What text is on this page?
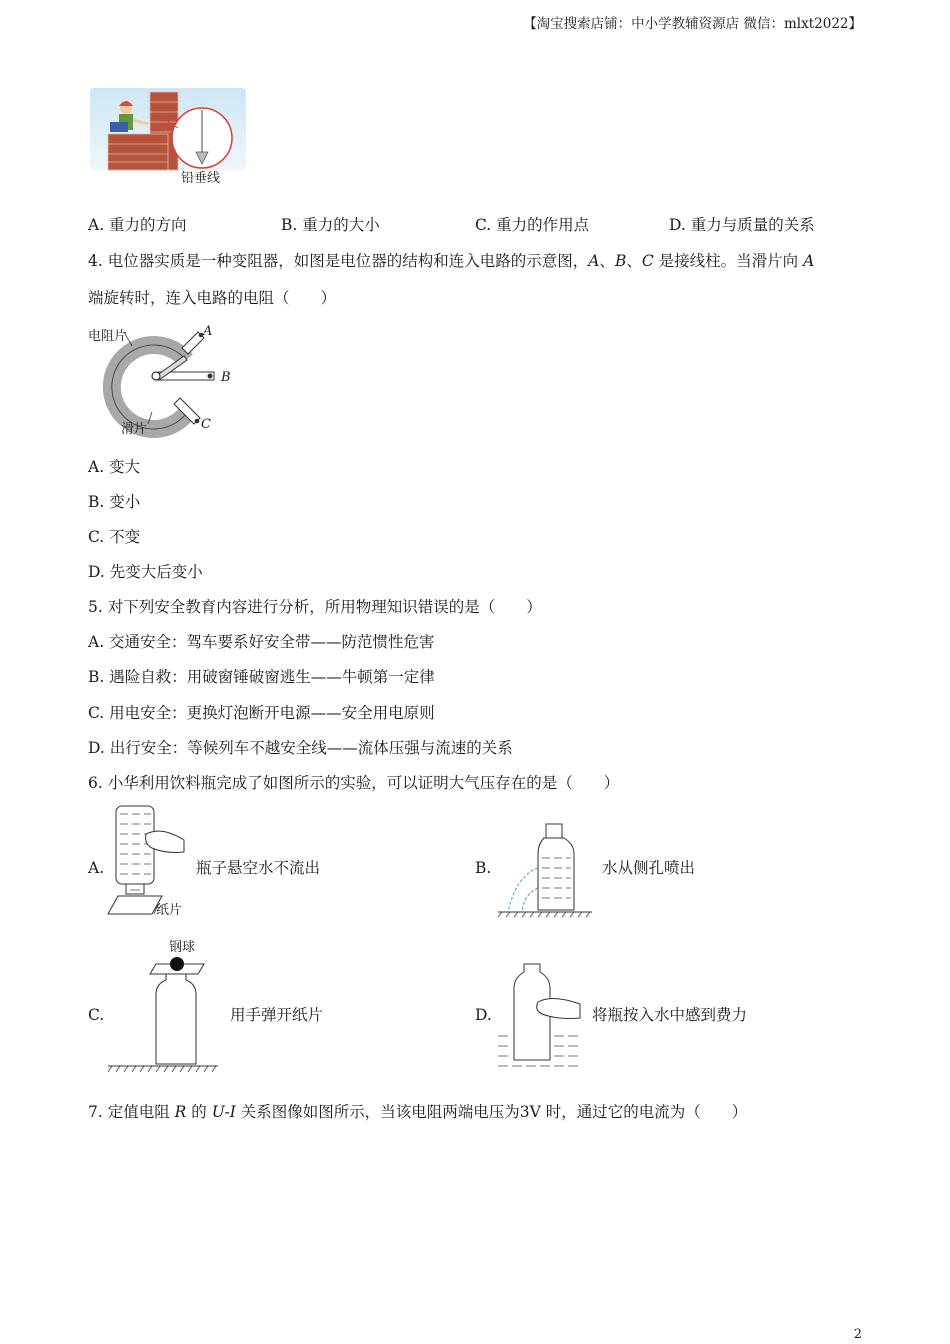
【淘宝搜索店铺：中小学教辅资源店 微信：mlxt2022】
铅垂线
A. 重力的方向	B. 重力的大小	C. 重力的作用点	D. 重力与质量的关系
4. 电位器实质是一种变阻器，如图是电位器的结构和连入电路的示意图，A、B、C 是接线柱。当滑片向 A
端旋转时，连入电路的电阻（　　）
电阻片	A
B
C
滑片
A. 变大
B. 变小
C. 不变
D. 先变大后变小
5. 对下列安全教育内容进行分析，所用物理知识错误的是（　　）
A. 交通安全：驾车要系好安全带——防范惯性危害
B. 遇险自救：用破窗锤破窗逃生——牛顿第一定律
C. 用电安全：更换灯泡断开电源——安全用电原则
D. 出行安全：等候列车不越安全线——流体压强与流速的关系
6. 小华利用饮料瓶完成了如图所示的实验，可以证明大气压存在的是（　　）
A.
纸片
瓶子悬空水不流出	B.	水从侧孔喷出
C.
钢球
用手弹开纸片	D.	将瓶按入水中感到费力
7. 定值电阻 R 的 U-I 关系图像如图所示，当该电阻两端电压为3V 时，通过它的电流为（　　）
2
